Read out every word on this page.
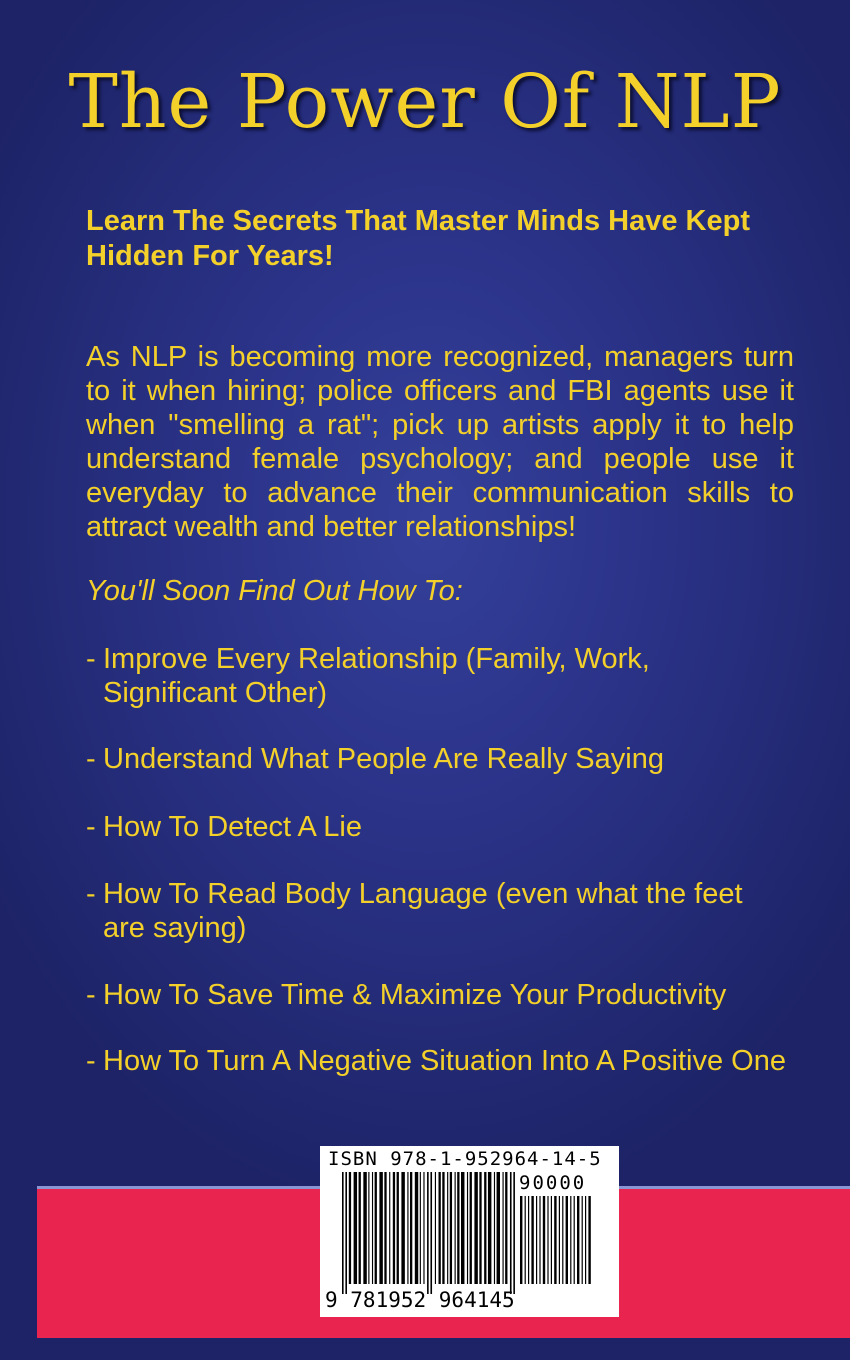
The Power Of NLP
Learn The Secrets That Master Minds Have Kept Hidden For Years!
As NLP is becoming more recognized, managers turn to it when hiring; police officers and FBI agents use it when "smelling a rat"; pick up artists apply it to help understand female psychology; and people use it everyday to advance their communication skills to attract wealth and better relationships!
You'll Soon Find Out How To:
- Improve Every Relationship (Family, Work, Significant Other)
- Understand What People Are Really Saying
- How To Detect A Lie
- How To Read Body Language (even what the feet are saying)
- How To Save Time & Maximize Your Productivity
- How To Turn A Negative Situation Into A Positive One
ISBN 978-1-952964-14-5
90000
9 781952 964145
